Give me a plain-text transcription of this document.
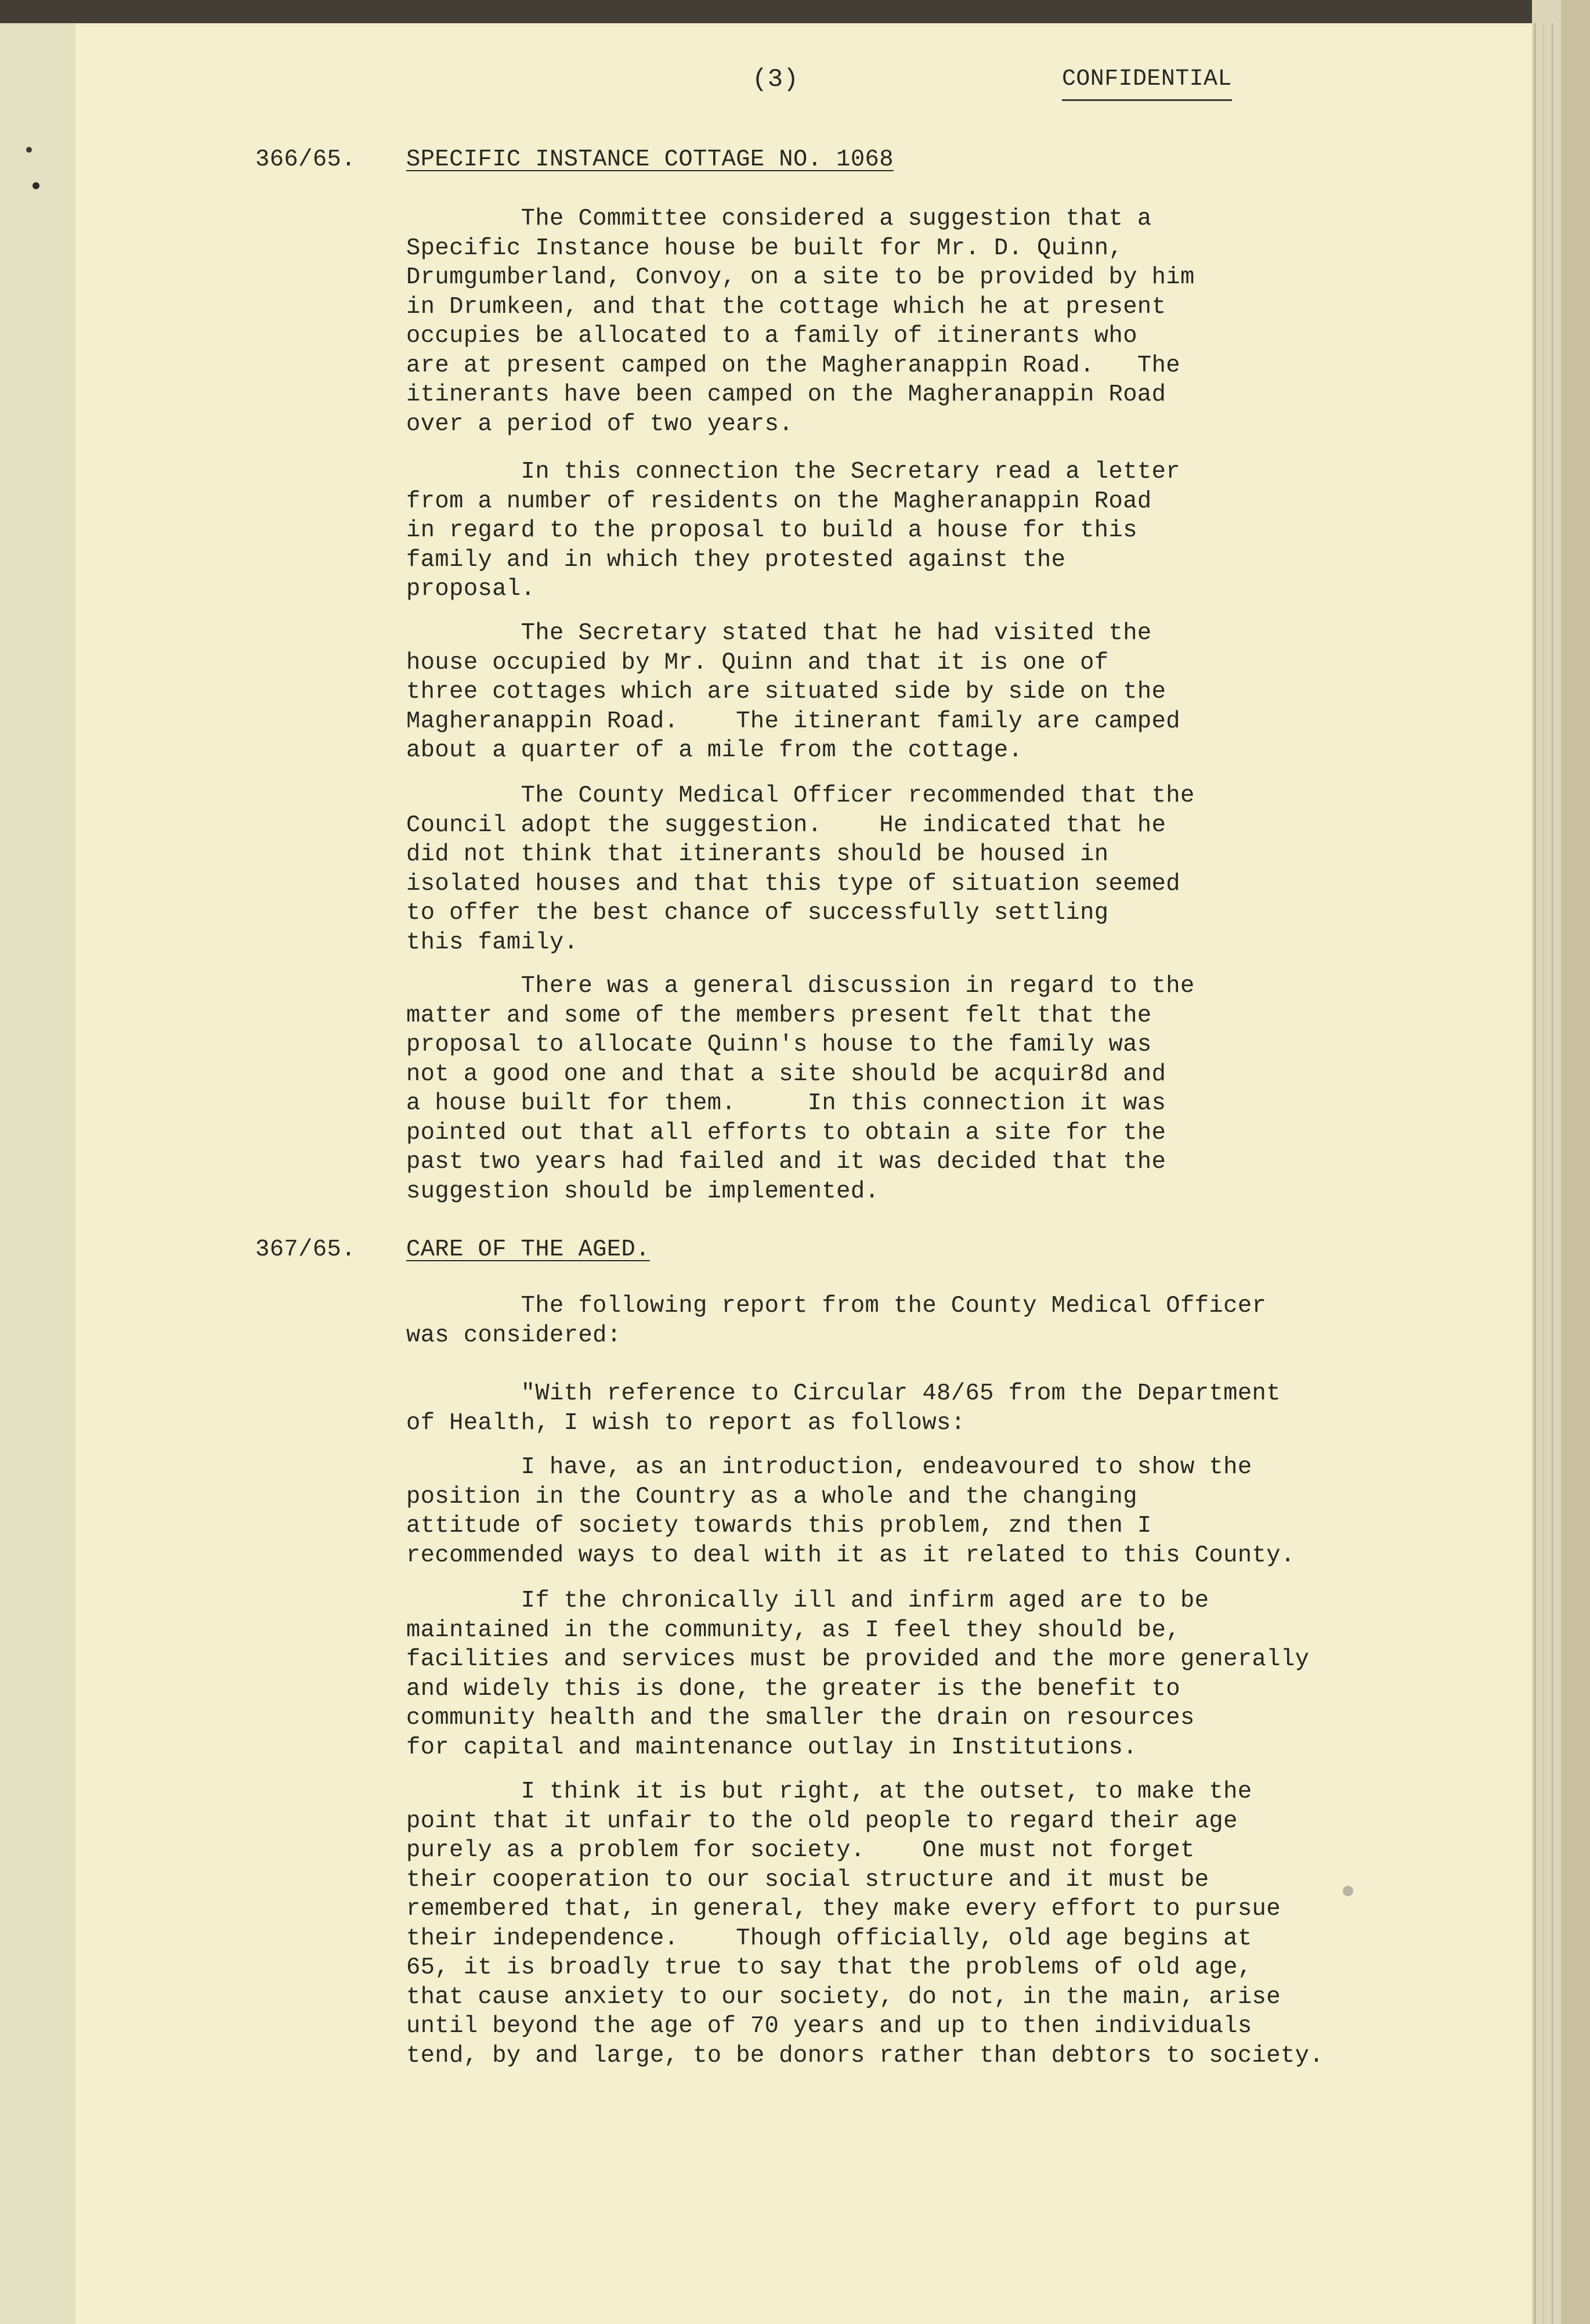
(3)	CONFIDENTIAL
366/65. SPECIFIC INSTANCE COTTAGE NO. 1068
The Committee considered a suggestion that a
Specific Instance house be built for Mr. D. Quinn,
Drumgumberland, Convoy, on a site to be provided by him
in Drumkeen, and that the cottage which he at present
occupies be allocated to a family of itinerants who
are at present camped on the Magheranappin Road.   The
itinerants have been camped on the Magheranappin Road
over a period of two years.
In this connection the Secretary read a letter
from a number of residents on the Magheranappin Road
in regard to the proposal to build a house for this
family and in which they protested against the
proposal.
The Secretary stated that he had visited the
house occupied by Mr. Quinn and that it is one of
three cottages which are situated side by side on the
Magheranappin Road.    The itinerant family are camped
about a quarter of a mile from the cottage.
The County Medical Officer recommended that the
Council adopt the suggestion.    He indicated that he
did not think that itinerants should be housed in
isolated houses and that this type of situation seemed
to offer the best chance of successfully settling
this family.
There was a general discussion in regard to the
matter and some of the members present felt that the
proposal to allocate Quinn's house to the family was
not a good one and that a site should be acquir8d and
a house built for them.     In this connection it was
pointed out that all efforts to obtain a site for the
past two years had failed and it was decided that the
suggestion should be implemented.
367/65. CARE OF THE AGED.
The following report from the County Medical Officer
was considered:
"With reference to Circular 48/65 from the Department
of Health, I wish to report as follows:
I have, as an introduction, endeavoured to show the
position in the Country as a whole and the changing
attitude of society towards this problem, znd then I
recommended ways to deal with it as it related to this County.
If the chronically ill and infirm aged are to be
maintained in the community, as I feel they should be,
facilities and services must be provided and the more generally
and widely this is done, the greater is the benefit to
community health and the smaller the drain on resources
for capital and maintenance outlay in Institutions.
I think it is but right, at the outset, to make the
point that it unfair to the old people to regard their age
purely as a problem for society.    One must not forget
their cooperation to our social structure and it must be
remembered that, in general, they make every effort to pursue
their independence.    Though officially, old age begins at
65, it is broadly true to say that the problems of old age,
that cause anxiety to our society, do not, in the main, arise
until beyond the age of 70 years and up to then individuals
tend, by and large, to be donors rather than debtors to society.
